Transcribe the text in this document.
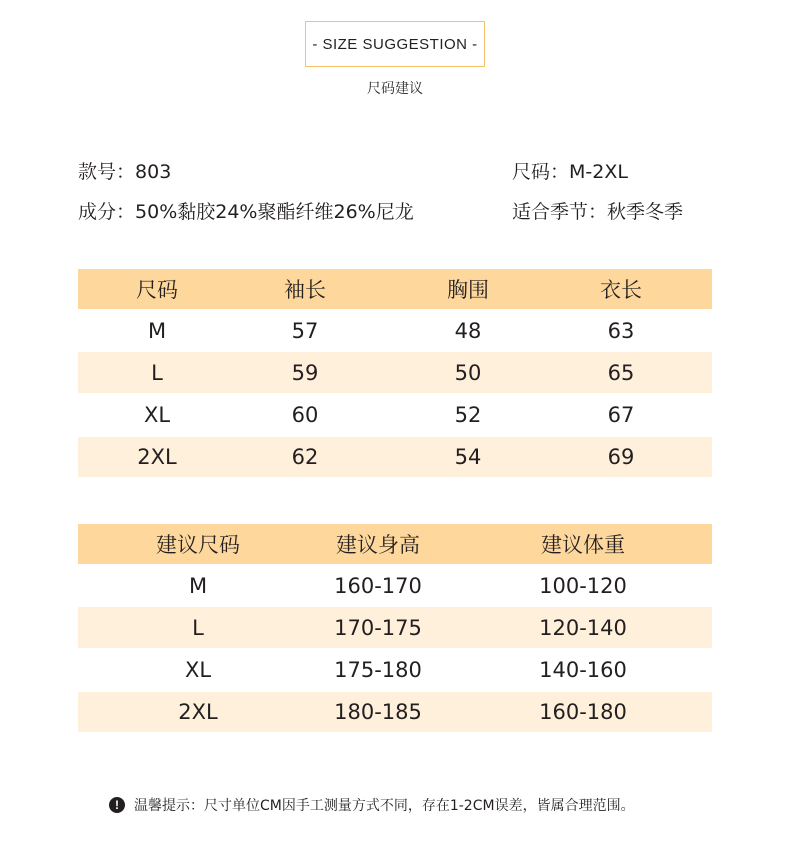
- SIZE SUGGESTION -
尺码建议
款号：803	尺码：M-2XL
成分：50%黏胶24%聚酯纤维26%尼龙	适合季节：秋季冬季
尺码	袖长	胸围	衣长
M	57	48	63
L	59	50	65
XL	60	52	67
2XL	62	54	69
建议尺码	建议身高	建议体重
M	160-170	100-120
L	170-175	120-140
XL	175-180	140-160
2XL	180-185	160-180
!	温馨提示：尺寸单位CM因手工测量方式不同，存在1-2CM误差，皆属合理范围。
